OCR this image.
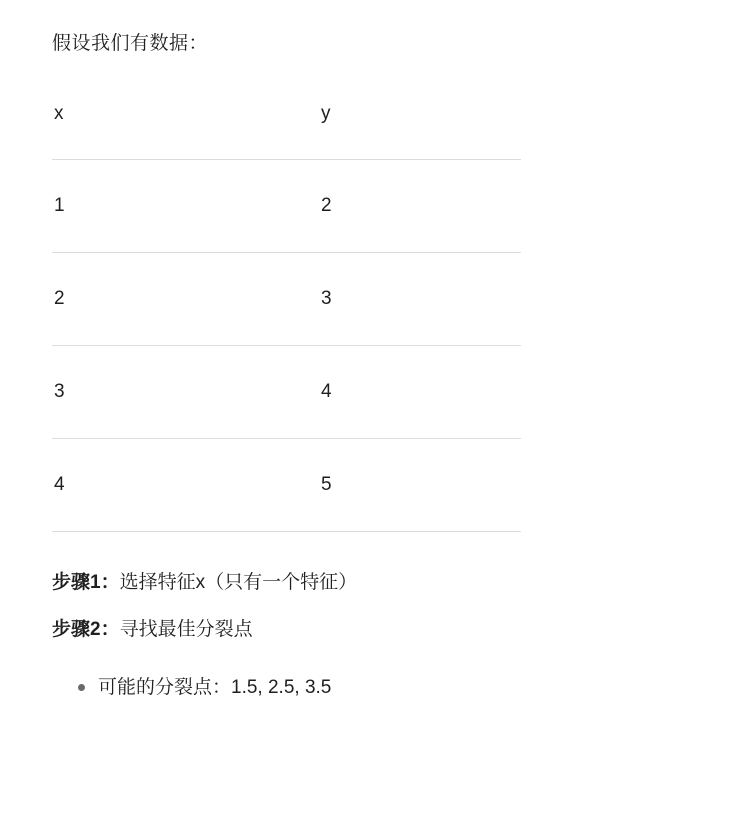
假设我们有数据：

x	y
1	2
2	3
3	4
4	5

步骤1：选择特征x（只有一个特征）

步骤2：寻找最佳分裂点

可能的分裂点：1.5, 2.5, 3.5
